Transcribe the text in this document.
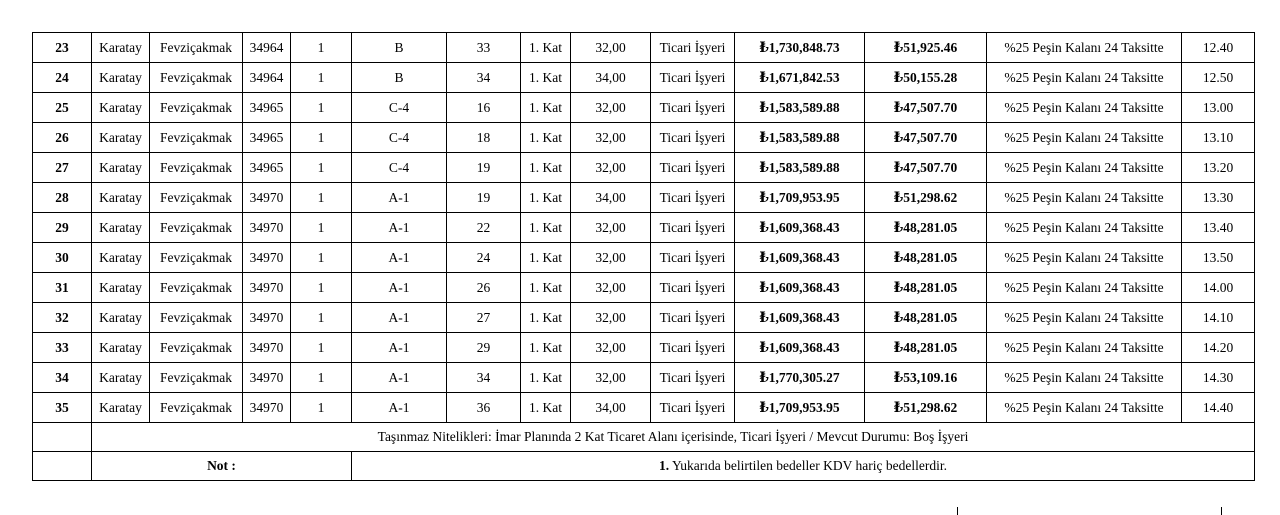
23	Karatay	Fevziçakmak	34964	1	B	33	1. Kat	32,00	Ticari İşyeri	₺1,730,848.73	₺51,925.46	%25 Peşin Kalanı 24 Taksitte	12.40
24	Karatay	Fevziçakmak	34964	1	B	34	1. Kat	34,00	Ticari İşyeri	₺1,671,842.53	₺50,155.28	%25 Peşin Kalanı 24 Taksitte	12.50
25	Karatay	Fevziçakmak	34965	1	C-4	16	1. Kat	32,00	Ticari İşyeri	₺1,583,589.88	₺47,507.70	%25 Peşin Kalanı 24 Taksitte	13.00
26	Karatay	Fevziçakmak	34965	1	C-4	18	1. Kat	32,00	Ticari İşyeri	₺1,583,589.88	₺47,507.70	%25 Peşin Kalanı 24 Taksitte	13.10
27	Karatay	Fevziçakmak	34965	1	C-4	19	1. Kat	32,00	Ticari İşyeri	₺1,583,589.88	₺47,507.70	%25 Peşin Kalanı 24 Taksitte	13.20
28	Karatay	Fevziçakmak	34970	1	A-1	19	1. Kat	34,00	Ticari İşyeri	₺1,709,953.95	₺51,298.62	%25 Peşin Kalanı 24 Taksitte	13.30
29	Karatay	Fevziçakmak	34970	1	A-1	22	1. Kat	32,00	Ticari İşyeri	₺1,609,368.43	₺48,281.05	%25 Peşin Kalanı 24 Taksitte	13.40
30	Karatay	Fevziçakmak	34970	1	A-1	24	1. Kat	32,00	Ticari İşyeri	₺1,609,368.43	₺48,281.05	%25 Peşin Kalanı 24 Taksitte	13.50
31	Karatay	Fevziçakmak	34970	1	A-1	26	1. Kat	32,00	Ticari İşyeri	₺1,609,368.43	₺48,281.05	%25 Peşin Kalanı 24 Taksitte	14.00
32	Karatay	Fevziçakmak	34970	1	A-1	27	1. Kat	32,00	Ticari İşyeri	₺1,609,368.43	₺48,281.05	%25 Peşin Kalanı 24 Taksitte	14.10
33	Karatay	Fevziçakmak	34970	1	A-1	29	1. Kat	32,00	Ticari İşyeri	₺1,609,368.43	₺48,281.05	%25 Peşin Kalanı 24 Taksitte	14.20
34	Karatay	Fevziçakmak	34970	1	A-1	34	1. Kat	32,00	Ticari İşyeri	₺1,770,305.27	₺53,109.16	%25 Peşin Kalanı 24 Taksitte	14.30
35	Karatay	Fevziçakmak	34970	1	A-1	36	1. Kat	34,00	Ticari İşyeri	₺1,709,953.95	₺51,298.62	%25 Peşin Kalanı 24 Taksitte	14.40
	Taşınmaz Nitelikleri: İmar Planında 2 Kat Ticaret Alanı içerisinde, Ticari İşyeri / Mevcut Durumu: Boş İşyeri												
	Not :				1. Yukarıda belirtilen bedeller KDV hariç bedellerdir.								
